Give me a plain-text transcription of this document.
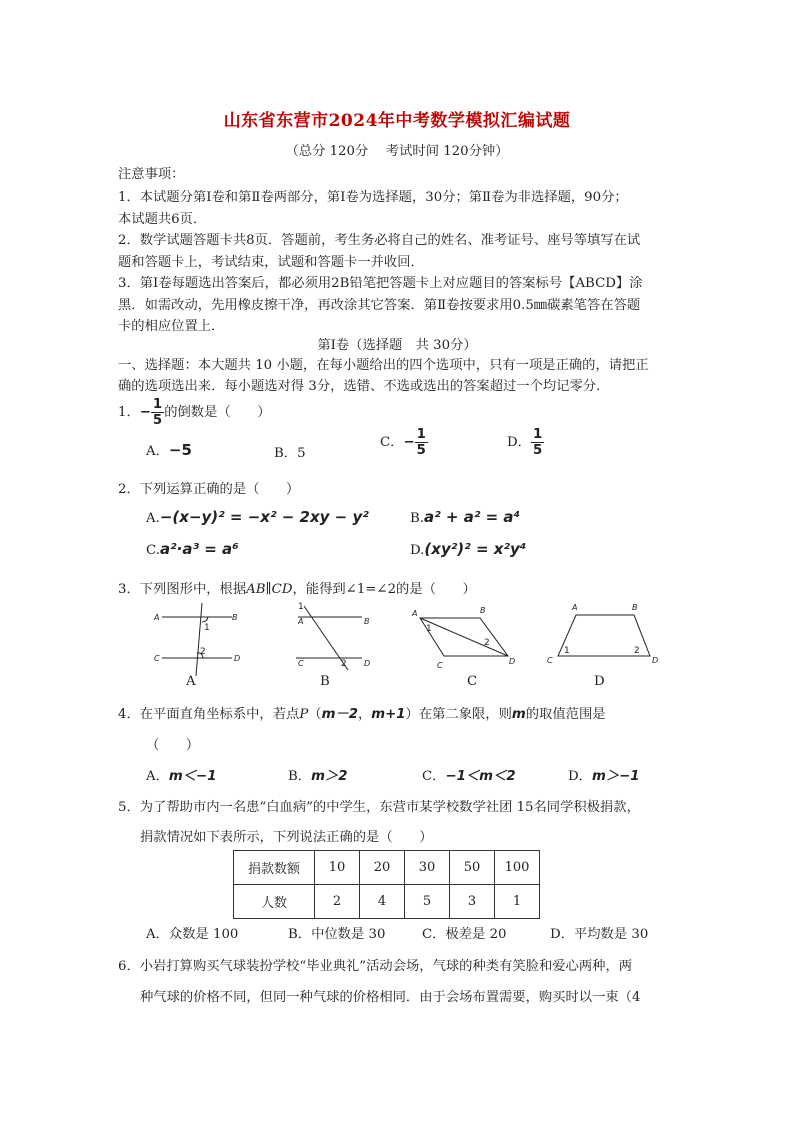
山东省东营市2024年中考数学模拟汇编试题
（总分 120分　 考试时间 120分钟）
注意事项：
1．本试题分第Ⅰ卷和第Ⅱ卷两部分，第Ⅰ卷为选择题，30分；第Ⅱ卷为非选择题，90分；
本试题共6页．
2．数学试题答题卡共8页．答题前，考生务必将自己的姓名、准考证号、座号等填写在试
题和答题卡上，考试结束，试题和答题卡一并收回．
3．第Ⅰ卷每题选出答案后，都必须用2B铅笔把答题卡上对应题目的答案标号【ABCD】涂
黑．如需改动，先用橡皮擦干净，再改涂其它答案．第Ⅱ卷按要求用0.5㎜碳素笔答在答题
卡的相应位置上．
第Ⅰ卷（选择题　共 30分）
一、选择题：本大题共 10 小题，在每小题给出的四个选项中，只有一项是正确的，请把正
确的选项选出来．每小题选对得 3分，选错、不选或选出的答案超过一个均记零分．
1．− $\frac{1}{5}$ 的倒数是（　　）
A．−5	B．5
C．− $\frac{1}{5}$	D． $\frac{1}{5}$
2．下列运算正确的是（　　）
A.−(x−y)² = −x² − 2xy − y²	B.a² + a² = a⁴
C.a²·a³ = a⁶	D.(xy²)² = x²y⁴
3．下列图形中，根据AB∥CD，能得到∠1=∠2的是（　　）
A	B
C	D
1
2
1
A	B
C	D
2
A	B
C	D
1
2
A	B
C	D
1	2
A	B	C	D
4．在平面直角坐标系中，若点P（m－2，m+1）在第二象限，则m的取值范围是
（　　）
A．m＜−1	B．m＞2	C．−1＜m＜2	D．m＞−1
5．为了帮助市内一名患“白血病”的中学生，东营市某学校数学社团 15名同学积极捐款，
捐款情况如下表所示，下列说法正确的是（　　）
捐款数额	10	20	30	50	100
人数	2	4	5	3	1
A．众数是 100	B．中位数是 30	C．极差是 20	D．平均数是 30
6．小岩打算购买气球装扮学校“毕业典礼”活动会场，气球的种类有笑脸和爱心两种，两
种气球的价格不同，但同一种气球的价格相同．由于会场布置需要，购买时以一束（4
